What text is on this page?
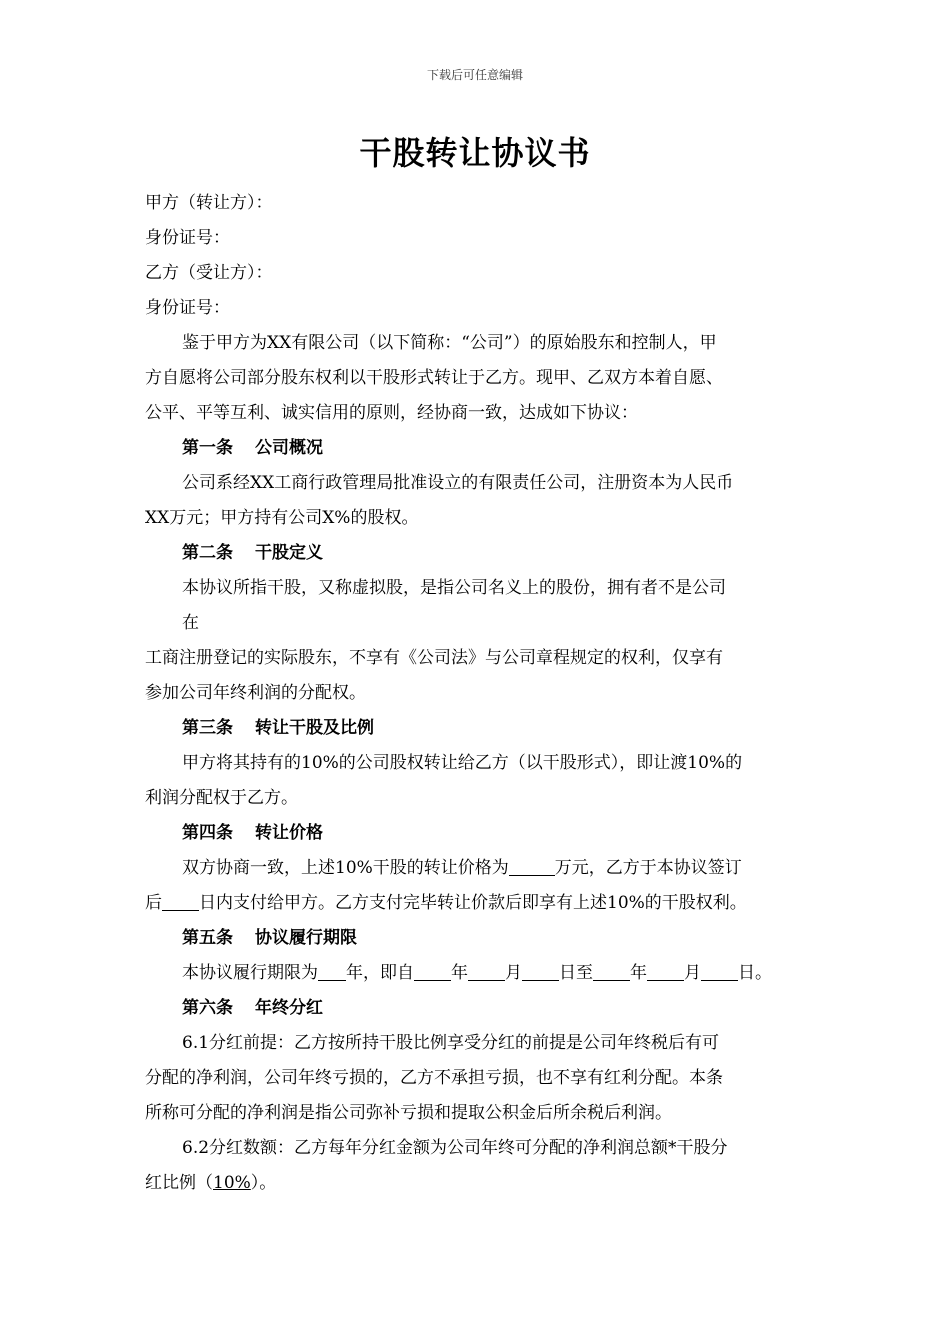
下载后可任意编辑
干股转让协议书
甲方（转让方）：
身份证号：
乙方（受让方）：
身份证号：
鉴于甲方为XX有限公司（以下简称：“公司”）的原始股东和控制人，甲
方自愿将公司部分股东权利以干股形式转让于乙方。现甲、乙双方本着自愿、
公平、平等互利、诚实信用的原则，经协商一致，达成如下协议：
第一条 公司概况
公司系经XX工商行政管理局批准设立的有限责任公司，注册资本为人民币
XX万元；甲方持有公司X%的股权。
第二条 干股定义
本协议所指干股，又称虚拟股，是指公司名义上的股份，拥有者不是公司
在
工商注册登记的实际股东，不享有《公司法》与公司章程规定的权利，仅享有
参加公司年终利润的分配权。
第三条 转让干股及比例
甲方将其持有的10%的公司股权转让给乙方（以干股形式），即让渡10%的
利润分配权于乙方。
第四条 转让价格
双方协商一致，上述10%干股的转让价格为	万元，乙方于本协议签订
后 日内支付给甲方。乙方支付完毕转让价款后即享有上述10%的干股权利。
第五条 协议履行期限
本协议履行期限为 年，即自 年 月 日至 年 月 日。
第六条 年终分红
6.1分红前提：乙方按所持干股比例享受分红的前提是公司年终税后有可
分配的净利润，公司年终亏损的，乙方不承担亏损，也不享有红利分配。本条
所称可分配的净利润是指公司弥补亏损和提取公积金后所余税后利润。
6.2分红数额：乙方每年分红金额为公司年终可分配的净利润总额*干股分
红比例（10%）。
